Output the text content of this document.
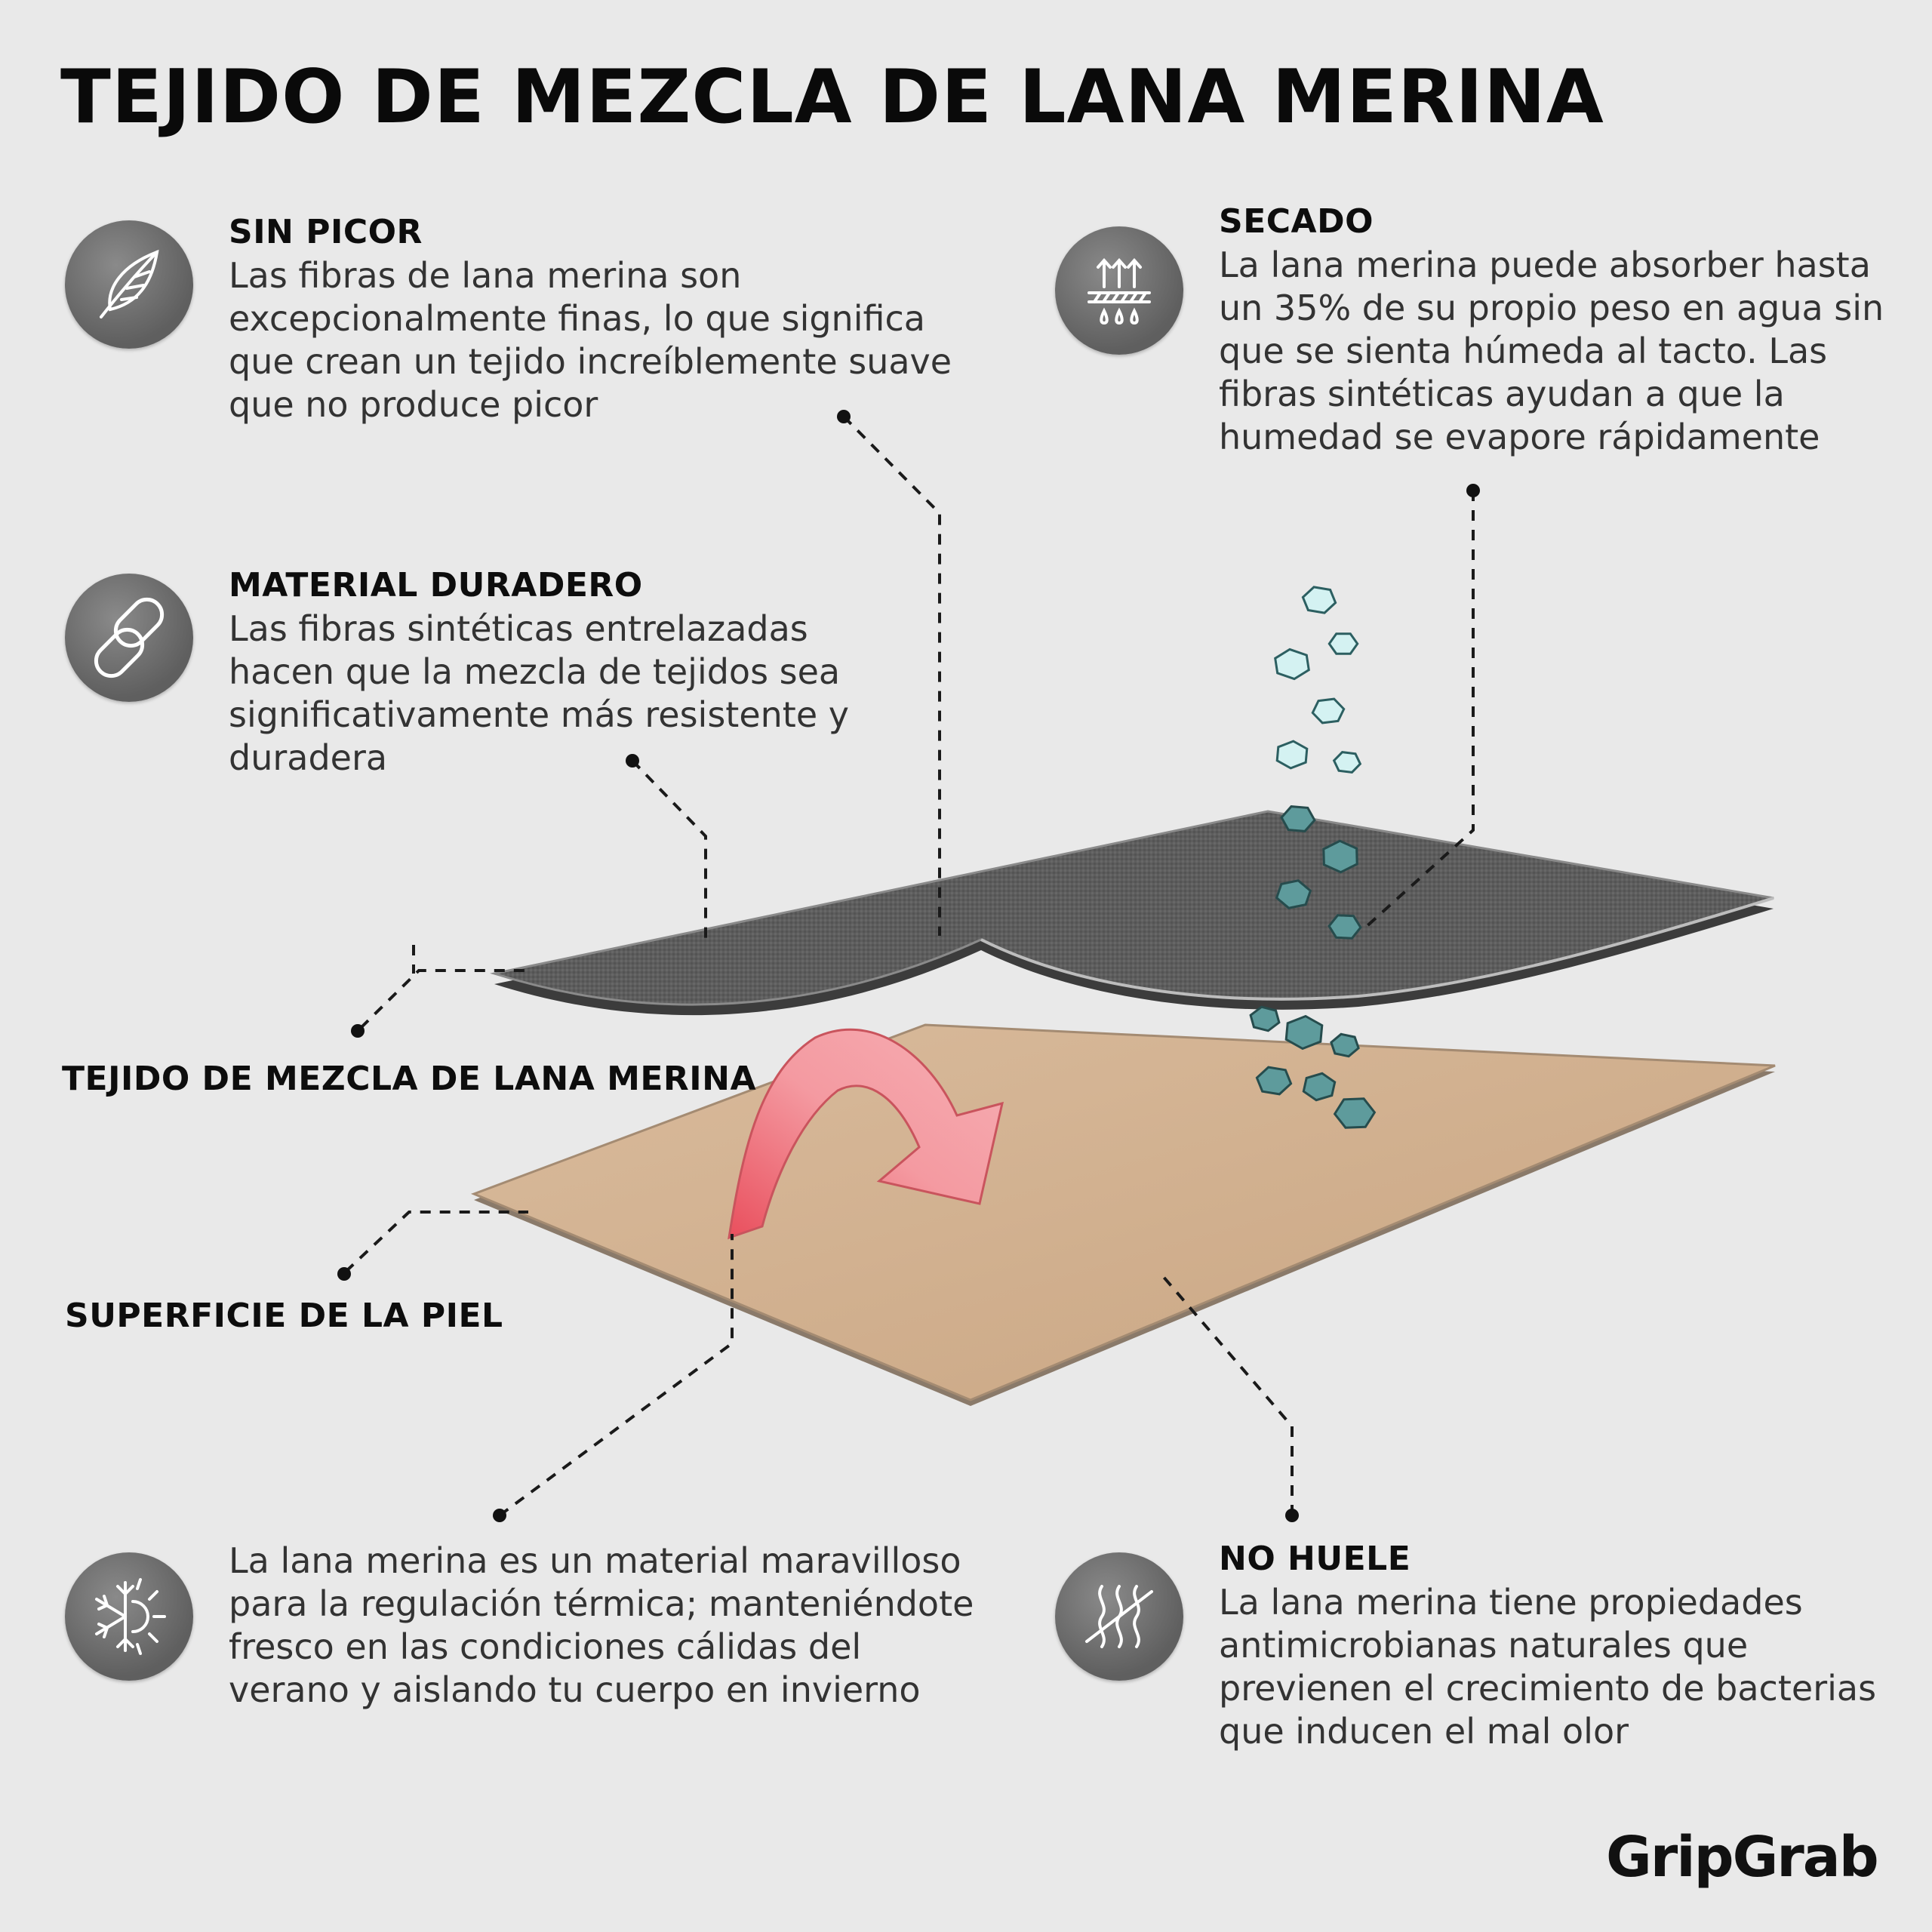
TEJIDO DE MEZCLA DE LANA MERINA

SIN PICOR

Las fibras de lana merina son excepcionalmente finas, lo que significa que crean un tejido increíblemente suave que no produce picor

SECADO

La lana merina puede absorber hasta un 35% de su propio peso en agua sin que se sienta húmeda al tacto. Las fibras sintéticas ayudan a que la humedad se evapore rápidamente

MATERIAL DURADERO

Las fibras sintéticas entrelazadas hacen que la mezcla de tejidos sea significativamente más resistente y duradera

TEJIDO DE MEZCLA DE LANA MERINA

SUPERFICIE DE LA PIEL

La lana merina es un material maravilloso para la regulación térmica; manteniéndote fresco en las condiciones cálidas del verano y aislando tu cuerpo en invierno

NO HUELE

La lana merina tiene propiedades antimicrobianas naturales que previenen el crecimiento de bacterias que inducen el mal olor

GripGrab
